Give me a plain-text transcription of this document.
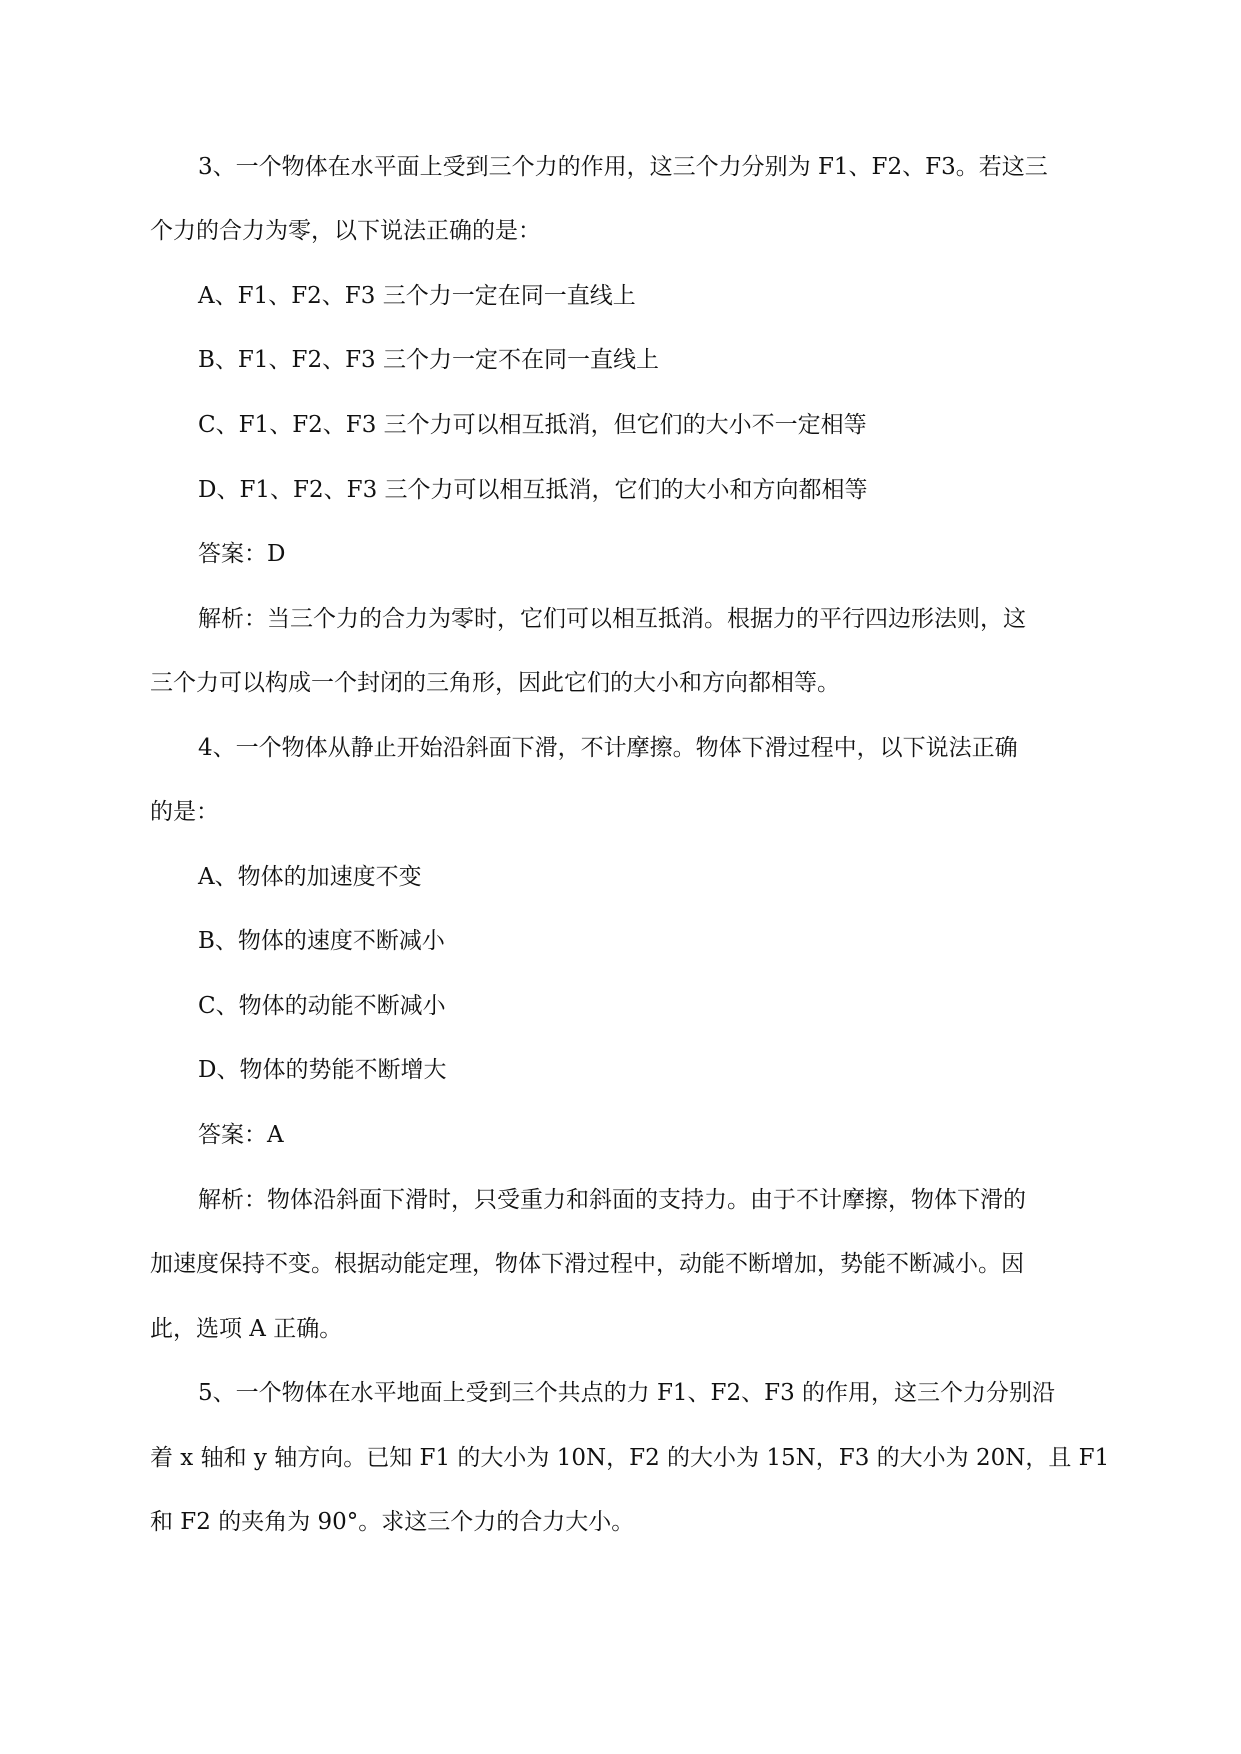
3、一个物体在水平面上受到三个力的作用，这三个力分别为 F1、F2、F3。若这三
个力的合力为零，以下说法正确的是：
A、F1、F2、F3 三个力一定在同一直线上
B、F1、F2、F3 三个力一定不在同一直线上
C、F1、F2、F3 三个力可以相互抵消，但它们的大小不一定相等
D、F1、F2、F3 三个力可以相互抵消，它们的大小和方向都相等
答案：D
解析：当三个力的合力为零时，它们可以相互抵消。根据力的平行四边形法则，这
三个力可以构成一个封闭的三角形，因此它们的大小和方向都相等。
4、一个物体从静止开始沿斜面下滑，不计摩擦。物体下滑过程中，以下说法正确
的是：
A、物体的加速度不变
B、物体的速度不断减小
C、物体的动能不断减小
D、物体的势能不断增大
答案：A
解析：物体沿斜面下滑时，只受重力和斜面的支持力。由于不计摩擦，物体下滑的
加速度保持不变。根据动能定理，物体下滑过程中，动能不断增加，势能不断减小。因
此，选项 A 正确。
5、一个物体在水平地面上受到三个共点的力 F1、F2、F3 的作用，这三个力分别沿
着 x 轴和 y 轴方向。已知 F1 的大小为 10N，F2 的大小为 15N，F3 的大小为 20N，且 F1
和 F2 的夹角为 90°。求这三个力的合力大小。
